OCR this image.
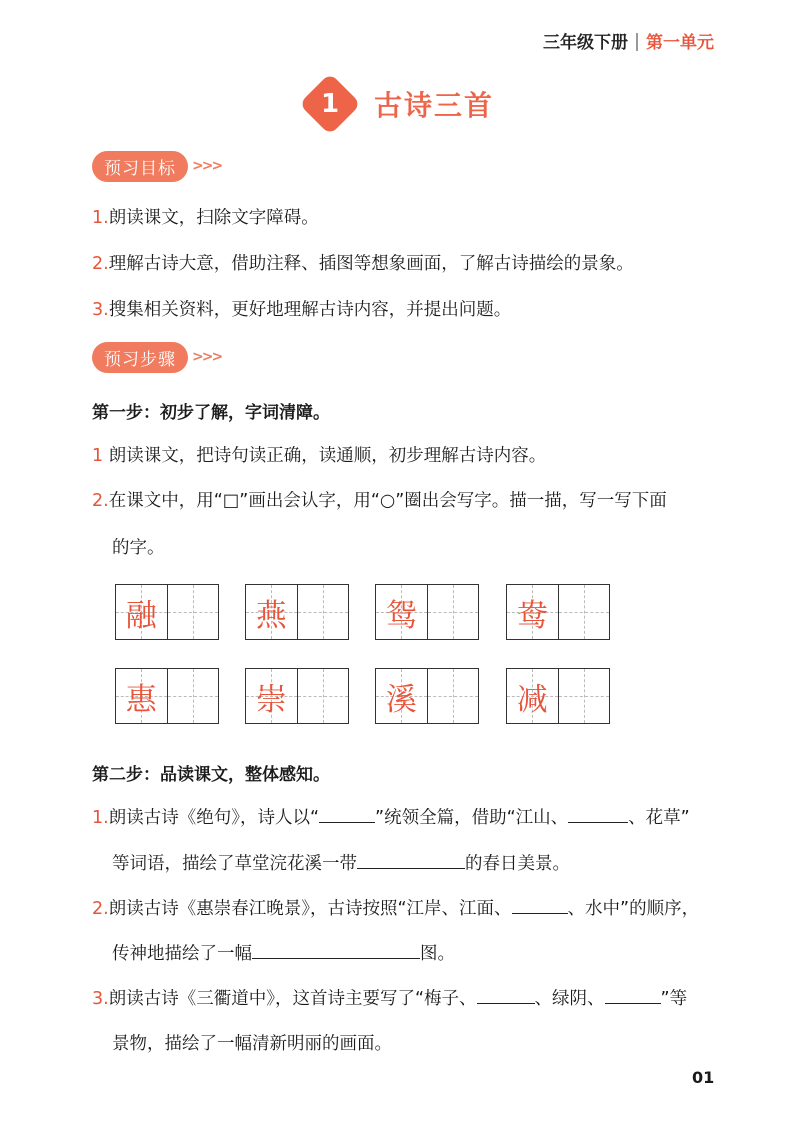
三年级下册 第一单元
1	古诗三首
预习目标	>>>
1.朗读课文，扫除文字障碍。
2.理解古诗大意，借助注释、插图等想象画面，了解古诗描绘的景象。
3.搜集相关资料，更好地理解古诗内容，并提出问题。
预习步骤	>>>
第一步：初步了解，字词清障。
1 朗读课文，把诗句读正确，读通顺，初步理解古诗内容。
2.在课文中，用“□”画出会认字，用“○”圈出会写字。描一描，写一写下面
的字。
融	燕	鸳	鸯
惠	崇	溪	减
第二步：品读课文，整体感知。
1.朗读古诗《绝句》，诗人以“	”统领全篇，借助“江山、	、花草”
等词语，描绘了草堂浣花溪一带	的春日美景。
2.朗读古诗《惠崇春江晚景》，古诗按照“江岸、江面、	、水中”的顺序，
传神地描绘了一幅	图。
3.朗读古诗《三衢道中》，这首诗主要写了“梅子、	、绿阴、	”等
景物，描绘了一幅清新明丽的画面。
01
